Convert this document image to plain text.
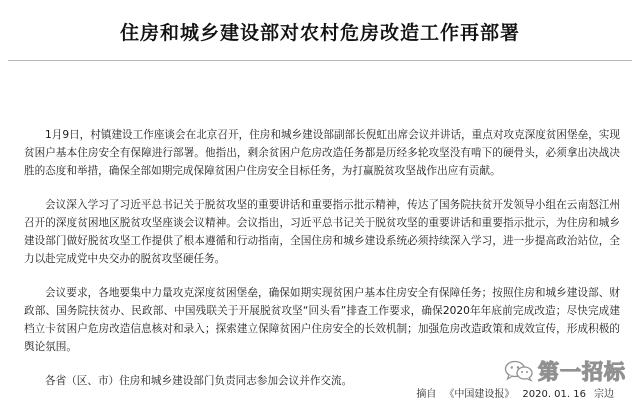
住房和城乡建设部对农村危房改造工作再部署

1月9日，村镇建设工作座谈会在北京召开，住房和城乡建设部副部长倪虹出席会议并讲话，重点对攻克深度贫困堡垒，实现贫困户基本住房安全有保障进行部署。他指出，剩余贫困户危房改造任务都是历经多轮攻坚没有啃下的硬骨头，必须拿出决战决胜的态度和举措，确保全部如期完成保障贫困户住房安全目标任务，为打赢脱贫攻坚战作出应有贡献。

会议深入学习了习近平总书记关于脱贫攻坚的重要讲话和重要指示批示精神，传达了国务院扶贫开发领导小组在云南怒江州召开的深度贫困地区脱贫攻坚座谈会议精神。会议指出，习近平总书记关于脱贫攻坚的重要讲话和重要指示批示，为住房和城乡建设部门做好脱贫攻坚工作提供了根本遵循和行动指南，全国住房和城乡建设系统必须持续深入学习，进一步提高政治站位，全力以赴完成党中央交办的脱贫攻坚硬任务。

会议要求，各地要集中力量攻克深度贫困堡垒，确保如期实现贫困户基本住房安全有保障任务；按照住房和城乡建设部、财政部、国务院扶贫办、民政部、中国残联关于开展脱贫攻坚“回头看”排查工作要求，确保2020年年底前完成改造；尽快完成建档立卡贫困户危房改造信息核对和录入；探索建立保障贫困户住房安全的长效机制；加强危房改造政策和成效宣传，形成积极的舆论氛围。

各省（区、市）住房和城乡建设部门负责同志参加会议并作交流。

摘自 《中国建设报》 2020. 01. 16 宗边
第一招标
